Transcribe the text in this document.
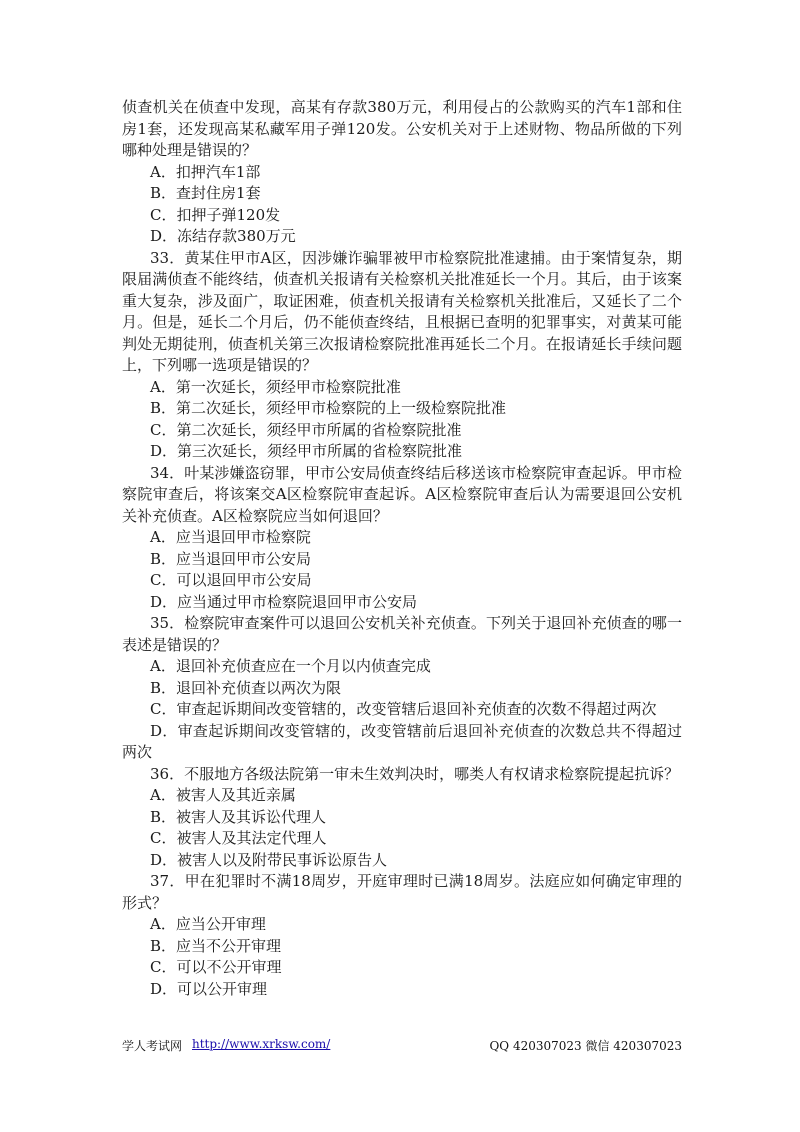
侦查机关在侦查中发现，高某有存款380万元，利用侵占的公款购买的汽车1部和住房1套，还发现高某私藏军用子弹120发。公安机关对于上述财物、物品所做的下列哪种处理是错误的？

A．扣押汽车1部

B．查封住房1套

C．扣押子弹120发

D．冻结存款380万元

33．黄某住甲市A区，因涉嫌诈骗罪被甲市检察院批准逮捕。由于案情复杂，期限届满侦查不能终结，侦查机关报请有关检察机关批准延长一个月。其后，由于该案重大复杂，涉及面广，取证困难，侦查机关报请有关检察机关批准后，又延长了二个月。但是，延长二个月后，仍不能侦查终结，且根据已查明的犯罪事实，对黄某可能判处无期徒刑，侦查机关第三次报请检察院批准再延长二个月。在报请延长手续问题上，下列哪一选项是错误的？

A．第一次延长，须经甲市检察院批准

B．第二次延长，须经甲市检察院的上一级检察院批准

C．第二次延长，须经甲市所属的省检察院批准

D．第三次延长，须经甲市所属的省检察院批准

34．叶某涉嫌盗窃罪，甲市公安局侦查终结后移送该市检察院审查起诉。甲市检察院审查后，将该案交A区检察院审查起诉。A区检察院审查后认为需要退回公安机关补充侦查。A区检察院应当如何退回？

A．应当退回甲市检察院

B．应当退回甲市公安局

C．可以退回甲市公安局

D．应当通过甲市检察院退回甲市公安局

35．检察院审查案件可以退回公安机关补充侦查。下列关于退回补充侦查的哪一表述是错误的？

A．退回补充侦查应在一个月以内侦查完成

B．退回补充侦查以两次为限

C．审查起诉期间改变管辖的，改变管辖后退回补充侦查的次数不得超过两次

D．审查起诉期间改变管辖的，改变管辖前后退回补充侦查的次数总共不得超过两次

36．不服地方各级法院第一审未生效判决时，哪类人有权请求检察院提起抗诉？

A．被害人及其近亲属

B．被害人及其诉讼代理人

C．被害人及其法定代理人

D．被害人以及附带民事诉讼原告人

37．甲在犯罪时不满18周岁，开庭审理时已满18周岁。法庭应如何确定审理的形式？

A．应当公开审理

B．应当不公开审理

C．可以不公开审理

D．可以公开审理

学人考试网 http://www.xrksw.com/	QQ 420307023 微信 420307023
